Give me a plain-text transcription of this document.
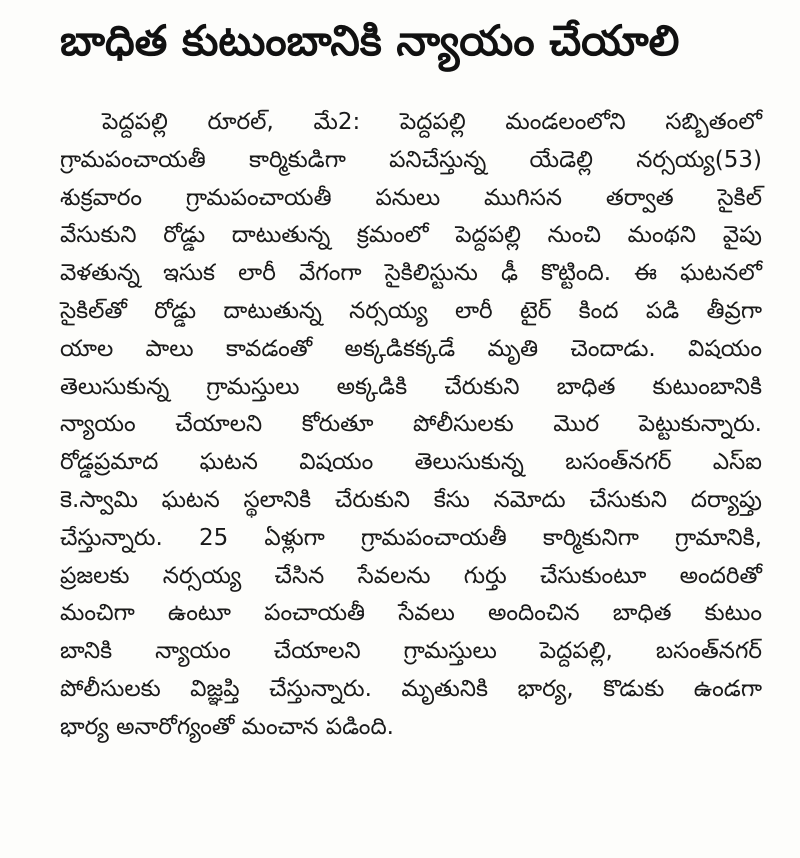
బాధిత కుటుంబానికి న్యాయం చేయాలి
పెద్దపల్లి రూరల్, మే2: పెద్దపల్లి మండలంలోని సబ్బితంలో
గ్రామపంచాయతీ కార్మికుడిగా పనిచేస్తున్న యేడెల్లి నర్సయ్య(53)
శుక్రవారం గ్రామపంచాయతీ పనులు ముగిసన తర్వాత సైకిల్
వేసుకుని రోడ్డు దాటుతున్న క్రమంలో పెద్దపల్లి నుంచి మంథని వైపు
వెళతున్న ఇసుక లారీ వేగంగా సైకిలిస్టును ఢీ కొట్టింది. ఈ ఘటనలో
సైకిల్‌తో రోడ్డు దాటుతున్న నర్సయ్య లారీ టైర్ కింద పడి తీవ్రగా
యాల పాలు కావడంతో అక్కడికక్కడే మృతి చెందాడు. విషయం
తెలుసుకున్న గ్రామస్తులు అక్కడికి చేరుకుని బాధిత కుటుంబానికి
న్యాయం చేయాలని కోరుతూ పోలీసులకు మొర పెట్టుకున్నారు.
రోడ్డప్రమాద ఘటన విషయం తెలుసుకున్న బసంత్‌నగర్ ఎస్ఐ
కె.స్వామి ఘటన స్థలానికి చేరుకుని కేసు నమోదు చేసుకుని దర్యాప్తు
చేస్తున్నారు. 25 ఏళ్లుగా గ్రామపంచాయతీ కార్మికునిగా గ్రామానికి,
ప్రజలకు నర్సయ్య చేసిన సేవలను గుర్తు చేసుకుంటూ అందరితో
మంచిగా ఉంటూ పంచాయతీ సేవలు అందించిన బాధిత కుటుం
బానికి న్యాయం చేయాలని గ్రామస్తులు పెద్దపల్లి, బసంత్‌నగర్
పోలీసులకు విజ్ఞప్తి చేస్తున్నారు. మృతునికి భార్య, కొడుకు ఉండగా
భార్య అనారోగ్యంతో మంచాన పడింది.
